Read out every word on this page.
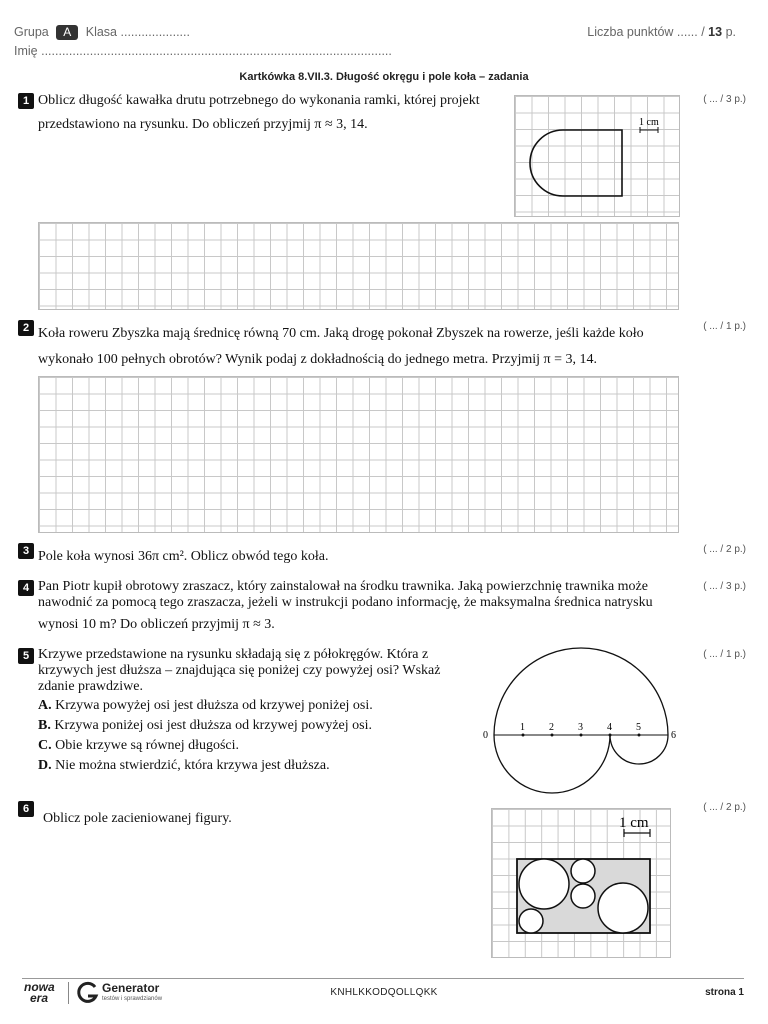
Grupa A Klasa ....................	Liczba punktów ...... / 13 p.
Imię .....................................................................................................
Kartkówka 8.VII.3. Długość okręgu i pole koła – zadania
1	( ... / 3 p.)
Oblicz długość kawałka drutu potrzebnego do wykonania ramki, której projekt
przedstawiono na rysunku. Do obliczeń przyjmij π ≈ 3, 14.	1 cm
2	( ... / 1 p.)
Koła roweru Zbyszka mają średnicę równą 70 cm. Jaką drogę pokonał Zbyszek na rowerze, jeśli każde koło
wykonało 100 pełnych obrotów? Wynik podaj z dokładnością do jednego metra. Przyjmij π = 3, 14.
3	( ... / 2 p.)
Pole koła wynosi 36π cm². Oblicz obwód tego koła.
4	( ... / 3 p.)
Pan Piotr kupił obrotowy zraszacz, który zainstalował na środku trawnika. Jaką powierzchnię trawnika może
nawodnić za pomocą tego zraszacza, jeżeli w instrukcji podano informację, że maksymalna średnica natrysku
wynosi 10 m? Do obliczeń przyjmij π ≈ 3.
5	( ... / 1 p.)
Krzywe przedstawione na rysunku składają się z półokręgów. Która z
krzywych jest dłuższa – znajdująca się poniżej czy powyżej osi? Wskaż
zdanie prawdziwe.
A. Krzywa powyżej osi jest dłuższa od krzywej poniżej osi.
B. Krzywa poniżej osi jest dłuższa od krzywej powyżej osi.
C. Obie krzywe są równej długości.
D. Nie można stwierdzić, która krzywa jest dłuższa.
0
1 2 3 4 5
6
6	( ... / 2 p.)
Oblicz pole zacieniowanej figury.	1 cm
nowa
era
Generator
testów i sprawdzianów
KNHLKKODQOLLQKK	strona 1
